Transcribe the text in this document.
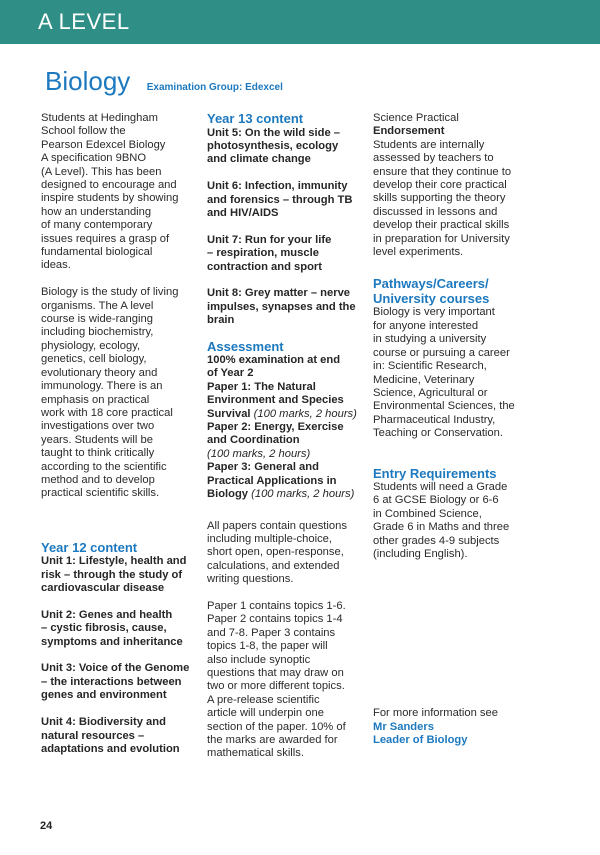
A LEVEL
Biology Examination Group: Edexcel

Students at Hedingham
School follow the
Pearson Edexcel Biology
A specification 9BNO
(A Level). This has been
designed to encourage and
inspire students by showing
how an understanding
of many contemporary
issues requires a grasp of
fundamental biological
ideas.

Biology is the study of living
organisms. The A level
course is wide-ranging
including biochemistry,
physiology, ecology,
genetics, cell biology,
evolutionary theory and
immunology. There is an
emphasis on practical
work with 18 core practical
investigations over two
years. Students will be
taught to think critically
according to the scientific
method and to develop
practical scientific skills.

Year 12 content

Unit 1: Lifestyle, health and
risk – through the study of
cardiovascular disease

Unit 2: Genes and health
– cystic fibrosis, cause,
symptoms and inheritance

Unit 3: Voice of the Genome
– the interactions between
genes and environment

Unit 4: Biodiversity and
natural resources –
adaptations and evolution

Year 13 content

Unit 5: On the wild side –
photosynthesis, ecology
and climate change

Unit 6: Infection, immunity
and forensics – through TB
and HIV/AIDS

Unit 7: Run for your life
– respiration, muscle
contraction and sport

Unit 8: Grey matter – nerve
impulses, synapses and the
brain

Assessment

100% examination at end
of Year 2
Paper 1: The Natural
Environment and Species
Survival (100 marks, 2 hours)
Paper 2: Energy, Exercise
and Coordination
(100 marks, 2 hours)
Paper 3: General and
Practical Applications in
Biology (100 marks, 2 hours)

All papers contain questions
including multiple-choice,
short open, open-response,
calculations, and extended
writing questions.

Paper 1 contains topics 1-6.
Paper 2 contains topics 1-4
and 7-8. Paper 3 contains
topics 1-8, the paper will
also include synoptic
questions that may draw on
two or more different topics.
A pre-release scientific
article will underpin one
section of the paper. 10% of
the marks are awarded for
mathematical skills.

Science Practical
Endorsement

Students are internally
assessed by teachers to
ensure that they continue to
develop their core practical
skills supporting the theory
discussed in lessons and
develop their practical skills
in preparation for University
level experiments.

Pathways/Careers/
University courses

Biology is very important
for anyone interested
in studying a university
course or pursuing a career
in: Scientific Research,
Medicine, Veterinary
Science, Agricultural or
Environmental Sciences, the
Pharmaceutical Industry,
Teaching or Conservation.

Entry Requirements

Students will need a Grade
6 at GCSE Biology or 6-6
in Combined Science,
Grade 6 in Maths and three
other grades 4-9 subjects
(including English).

For more information see
Mr Sanders
Leader of Biology

24
